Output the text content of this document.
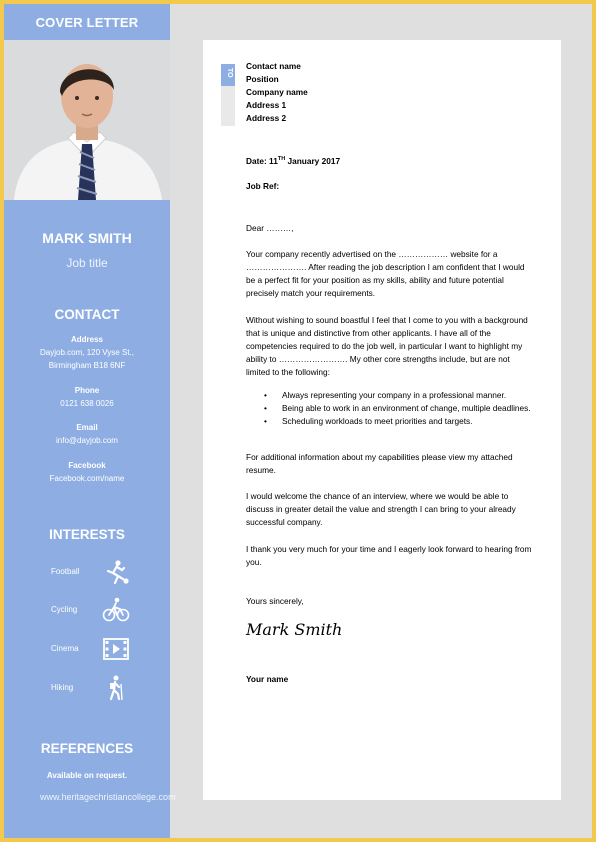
COVER LETTER
MARK SMITH
Job title
CONTACT
Address
Dayjob.com, 120 Vyse St.,
Birmingham B18 6NF
Phone
0121 638 0026
Email
info@dayjob.com
Facebook
Facebook.com/name
INTERESTS
Football
Cycling
Cinema
Hiking
REFERENCES
Available on request.
www.heritagechristiancollege.com
TO
Contact name
Position
Company name
Address 1
Address 2
Date: 11TH January 2017
Job Ref:
Dear ………,

Your company recently advertised on the ……………… website for a …………………. After reading the job description I am confident that I would be a perfect fit for your position as my skills, ability and future potential precisely match your requirements.

Without wishing to sound boastful I feel that I come to you with a background that is unique and distinctive from other applicants. I have all of the competencies required to do the job well, in particular I want to highlight my ability to ……………………. My other core strengths include, but are not limited to the following:

• Always representing your company in a professional manner.
• Being able to work in an environment of change, multiple deadlines.
• Scheduling workloads to meet priorities and targets.

For additional information about my capabilities please view my attached resume.

I would welcome the chance of an interview, where we would be able to discuss in greater detail the value and strength I can bring to your already successful company.

I thank you very much for your time and I eagerly look forward to hearing from you.

Yours sincerely,
Mark Smith
Your name
